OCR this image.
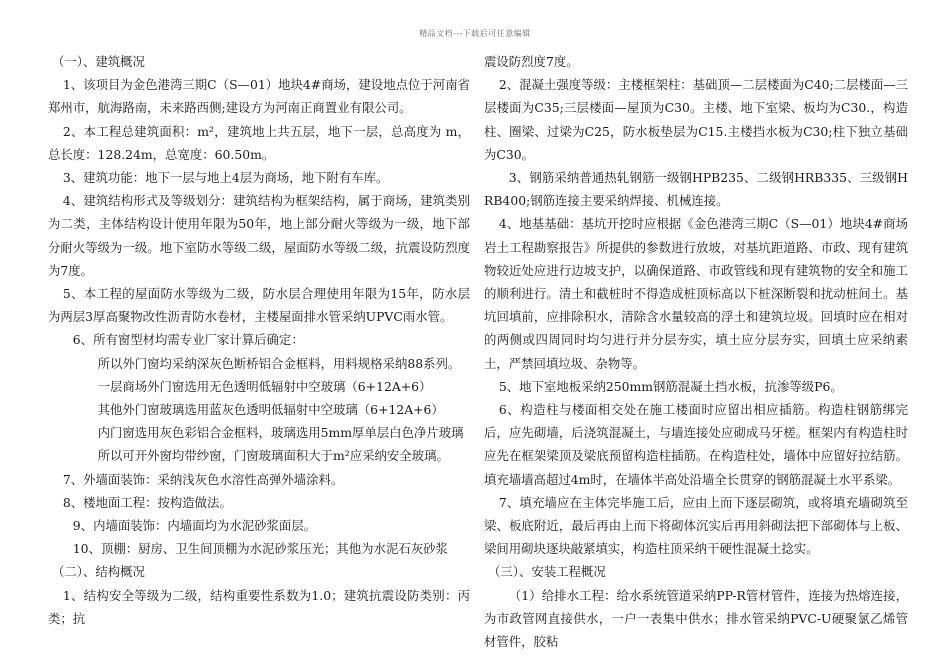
精品文档---下载后可任意编辑

（一）、建筑概况

1、该项目为金色港湾三期C（S—01）地块4#商场，建设地点位于河南省郑州市，航海路南，未来路西侧;建设方为河南正商置业有限公司。

2、本工程总建筑面积：m²，建筑地上共五层，地下一层，总高度为 m，总长度：128.24m，总宽度：60.50m。

3、建筑功能：地下一层与地上4层为商场，地下附有车库。

4、建筑结构形式及等级划分：建筑结构为框架结构，属于商场，建筑类别为二类，主体结构设计使用年限为50年，地上部分耐火等级为一级，地下部分耐火等级为一级。地下室防水等级二级，屋面防水等级二级，抗震设防烈度为7度。

5、本工程的屋面防水等级为二级，防水层合理使用年限为15年，防水层为两层3厚高聚物改性沥青防水卷材，主楼屋面排水管采纳UPVC雨水管。

6、所有窗型材均需专业厂家计算后确定：

所以外门窗均采纳深灰色断桥铝合金框料，用料规格采纳88系列。

一层商场外门窗选用无色透明低辐射中空玻璃（6+12A+6）

其他外门窗玻璃选用蓝灰色透明低辐射中空玻璃（6+12A+6）

内门窗选用灰色彩铝合金框料，玻璃选用5mm厚单层白色净片玻璃

所以可开外窗均带纱窗，门窗玻璃面积大于m²应采纳安全玻璃。

7、外墙面装饰：采纳浅灰色水溶性高弹外墙涂料。

8、楼地面工程：按构造做法。

9、内墙面装饰：内墙面均为水泥砂浆面层。

10、顶棚：厨房、卫生间顶棚为水泥砂浆压光；其他为水泥石灰砂浆

（二）、结构概况

1、结构安全等级为二级，结构重要性系数为1.0；建筑抗震设防类别：丙类；抗

震设防烈度7度。

2、混凝土强度等级：主楼框架柱：基础顶—二层楼面为C40;二层楼面—三层楼面为C35;三层楼面—屋顶为C30。主楼、地下室梁、板均为C30.，构造柱、圈梁、过梁为C25，防水板垫层为C15.主楼挡水板为C30;柱下独立基础为C30。

3、钢筋采纳普通热轧钢筋一级钢HPB235、二级钢HRB335、三级钢HRB400;钢筋连接主要采纳焊接、机械连接。

4、地基基础：基坑开挖时应根据《金色港湾三期C（S—01）地块4#商场岩土工程勘察报告》所提供的参数进行放坡，对基坑距道路、市政、现有建筑物较近处应进行边坡支护，以确保道路、市政管线和现有建筑物的安全和施工的顺利进行。清土和截桩时不得造成桩顶标高以下桩深断裂和扰动桩间土。基坑回填前，应排除积水，清除含水量较高的浮土和建筑垃圾。回填时应在相对的两侧或四周同时均匀进行并分层夯实，填土应分层夯实，回填土应采纳素土，严禁回填垃圾、杂物等。

5、地下室地板采纳250mm钢筋混凝土挡水板，抗渗等级P6。

6、构造柱与楼面相交处在施工楼面时应留出相应插筋。构造柱钢筋绑完后，应先砌墙，后浇筑混凝土，与墙连接处应砌成马牙槎。框架内有构造柱时应先在框架梁顶及梁底预留构造柱插筋。在构造柱处，墙体中应留好拉结筋。填充墙墙高超过4m时，在墙体半高处沿墙全长贯穿的钢筋混凝土水平系梁。

7、填充墙应在主体完毕施工后，应由上而下逐层砌筑，或将填充墙砌筑至梁、板底附近，最后再由上而下将砌体沉实后再用斜砌法把下部砌体与上板、梁间用砌块逐块敲紧填实，构造柱顶采纳干硬性混凝土捻实。

（三）、安装工程概况

（1）给排水工程：给水系统管道采纳PP-R管材管件，连接为热熔连接，为市政管网直接供水，一户一表集中供水；排水管采纳PVC-U硬聚氯乙烯管材管件，胶粘
